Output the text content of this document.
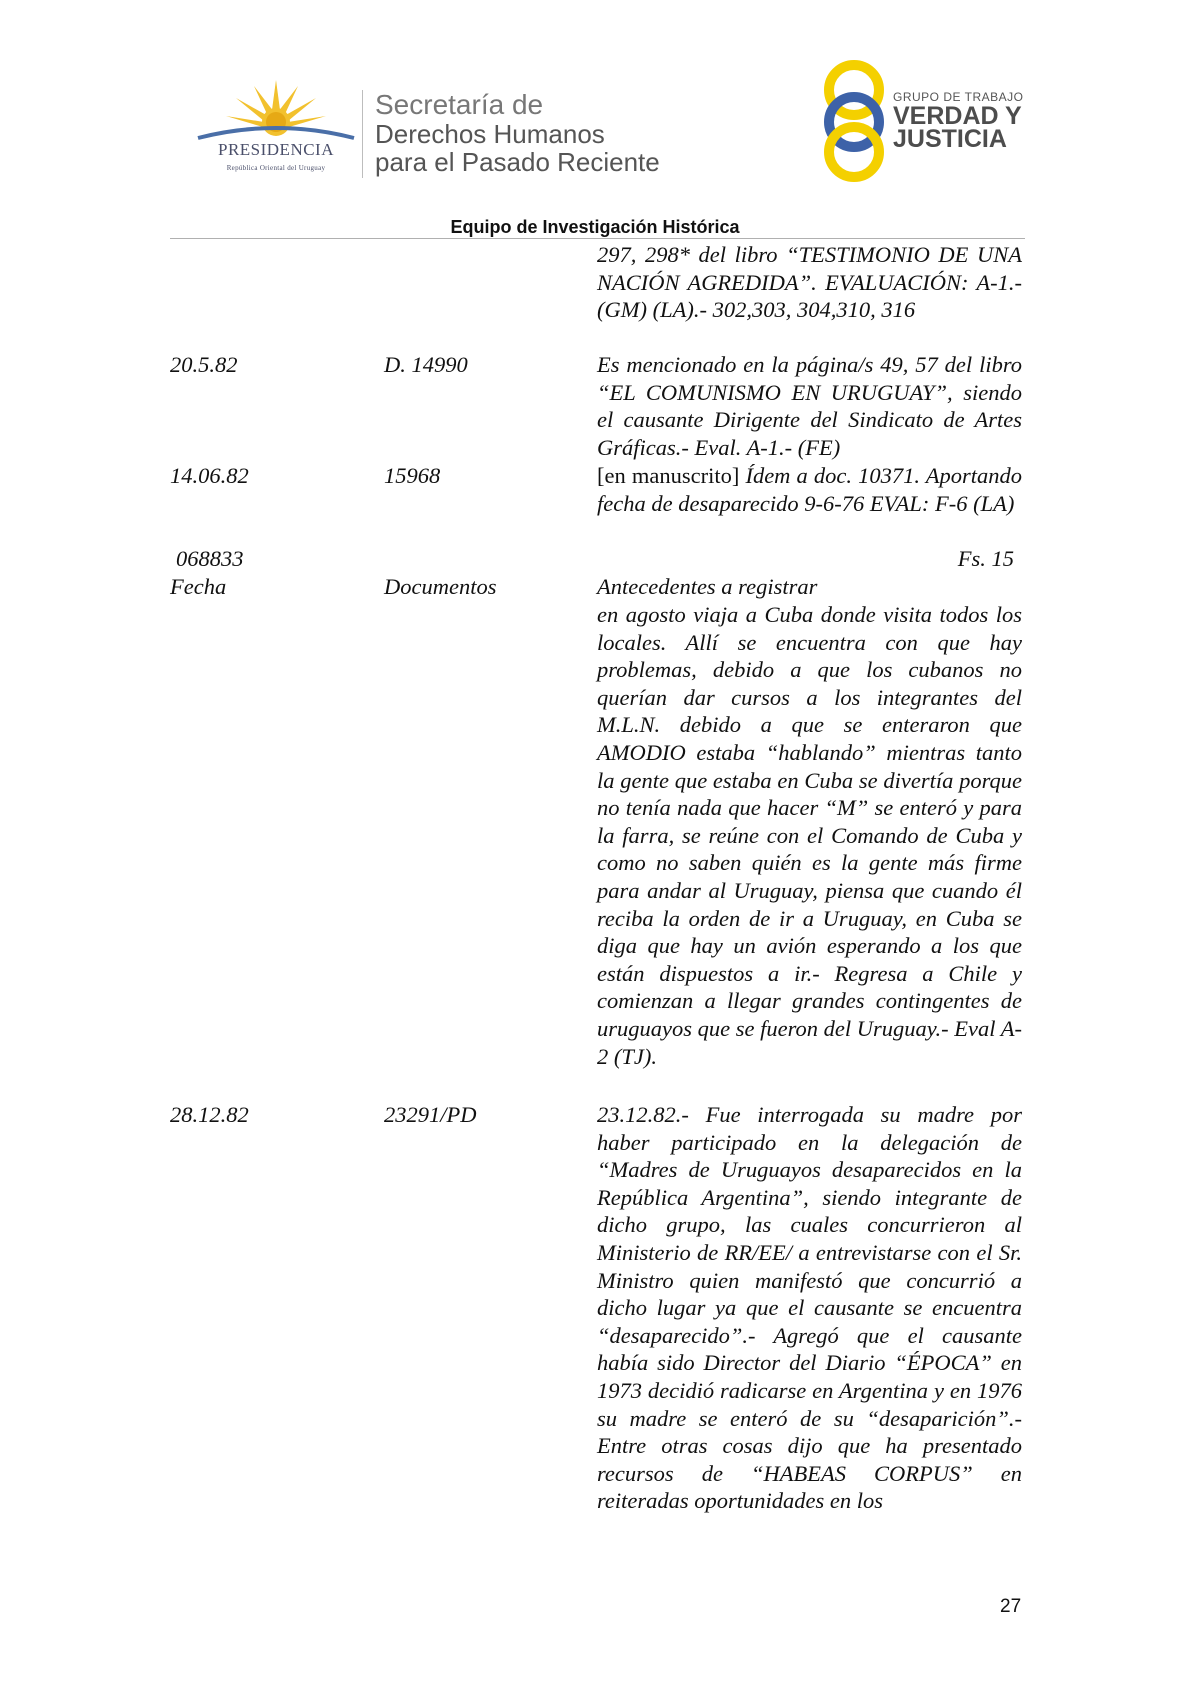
PRESIDENCIA
República Oriental del Uruguay
Secretaría de
Derechos Humanos
para el Pasado Reciente
GRUPO DE TRABAJO
VERDAD Y
JUSTICIA
Equipo de Investigación Histórica
297, 298* del libro “TESTIMONIO DE UNA NACIÓN AGREDIDA”. EVALUACIÓN: A-1.- (GM) (LA).- 302,303, 304,310, 316
20.5.82	D. 14990	Es mencionado en la página/s 49, 57 del libro “EL COMUNISMO EN URUGUAY”, siendo el causante Dirigente del Sindicato de Artes Gráficas.- Eval. A-1.- (FE)
14.06.82	15968	[en manuscrito] Ídem a doc. 10371. Aportando fecha de desaparecido 9-6-76 EVAL: F-6 (LA)
068833	Fs. 15
Fecha	Documentos	Antecedentes a registrar
en agosto viaja a Cuba donde visita todos los locales. Allí se encuentra con que hay problemas, debido a que los cubanos no querían dar cursos a los integrantes del M.L.N. debido a que se enteraron que AMODIO estaba “hablando” mientras tanto la gente que estaba en Cuba se divertía porque no tenía nada que hacer “M” se enteró y para la farra, se reúne con el Comando de Cuba y como no saben quién es la gente más firme para andar al Uruguay, piensa que cuando él reciba la orden de ir a Uruguay, en Cuba se diga que hay un avión esperando a los que están dispuestos a ir.- Regresa a Chile y comienzan a llegar grandes contingentes de uruguayos que se fueron del Uruguay.- Eval A-2 (TJ).
28.12.82	23291/PD	23.12.82.- Fue interrogada su madre por haber participado en la delegación de “Madres de Uruguayos desaparecidos en la República Argentina”, siendo integrante de dicho grupo, las cuales concurrieron al Ministerio de RR/EE/ a entrevistarse con el Sr. Ministro quien manifestó que concurrió a dicho lugar ya que el causante se encuentra “desaparecido”.- Agregó que el causante había sido Director del Diario “ÉPOCA” en 1973 decidió radicarse en Argentina y en 1976 su madre se enteró de su “desaparición”.- Entre otras cosas dijo que ha presentado recursos de “HABEAS CORPUS” en reiteradas oportunidades en los
27
